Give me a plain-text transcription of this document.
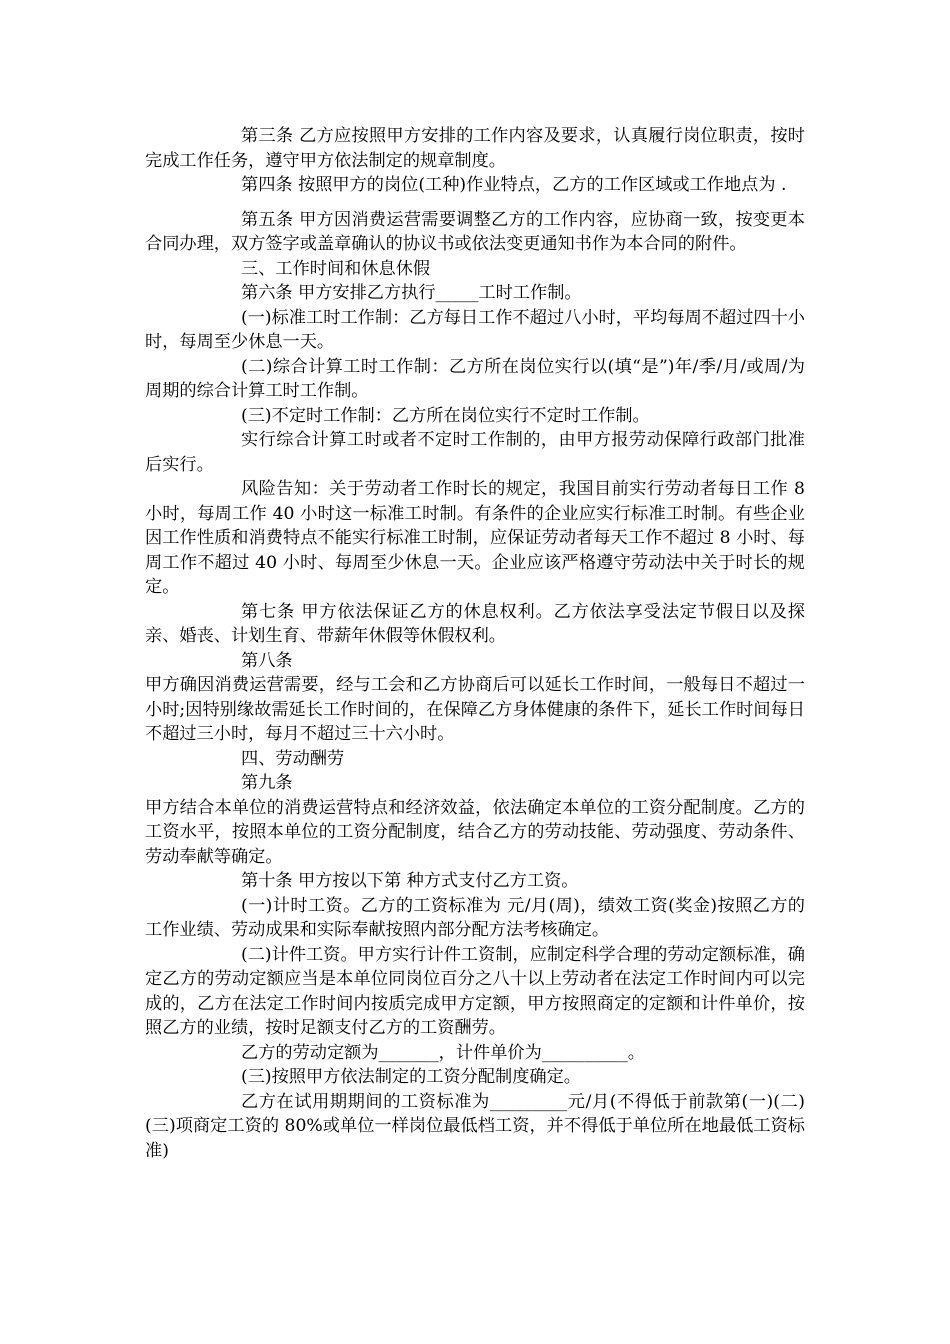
第三条 乙方应按照甲方安排的工作内容及要求，认真履行岗位职责，按时完成工作任务，遵守甲方依法制定的规章制度。

第四条 按照甲方的岗位(工种)作业特点，乙方的工作区域或工作地点为 .

第五条 甲方因消费运营需要调整乙方的工作内容，应协商一致，按变更本合同办理，双方签字或盖章确认的协议书或依法变更通知书作为本合同的附件。

三、工作时间和休息休假

第六条 甲方安排乙方执行_____工时工作制。

(一)标准工时工作制：乙方每日工作不超过八小时，平均每周不超过四十小时，每周至少休息一天。

(二)综合计算工时工作制：乙方所在岗位实行以(填“是”)年/季/月/或周/为周期的综合计算工时工作制。

(三)不定时工作制：乙方所在岗位实行不定时工作制。

实行综合计算工时或者不定时工作制的，由甲方报劳动保障行政部门批准后实行。

风险告知：关于劳动者工作时长的规定，我国目前实行劳动者每日工作 8 小时，每周工作 40 小时这一标准工时制。有条件的企业应实行标准工时制。有些企业因工作性质和消费特点不能实行标准工时制，应保证劳动者每天工作不超过 8 小时、每周工作不超过 40 小时、每周至少休息一天。企业应该严格遵守劳动法中关于时长的规定。

第七条 甲方依法保证乙方的休息权利。乙方依法享受法定节假日以及探亲、婚丧、计划生育、带薪年休假等休假权利。

第八条

甲方确因消费运营需要，经与工会和乙方协商后可以延长工作时间，一般每日不超过一小时;因特别缘故需延长工作时间的，在保障乙方身体健康的条件下，延长工作时间每日不超过三小时，每月不超过三十六小时。

四、劳动酬劳

第九条

甲方结合本单位的消费运营特点和经济效益，依法确定本单位的工资分配制度。乙方的工资水平，按照本单位的工资分配制度，结合乙方的劳动技能、劳动强度、劳动条件、劳动奉献等确定。

第十条 甲方按以下第 种方式支付乙方工资。

(一)计时工资。乙方的工资标准为 元/月(周)，绩效工资(奖金)按照乙方的工作业绩、劳动成果和实际奉献按照内部分配方法考核确定。

(二)计件工资。甲方实行计件工资制，应制定科学合理的劳动定额标准，确定乙方的劳动定额应当是本单位同岗位百分之八十以上劳动者在法定工作时间内可以完成的，乙方在法定工作时间内按质完成甲方定额，甲方按照商定的定额和计件单价，按照乙方的业绩，按时足额支付乙方的工资酬劳。

乙方的劳动定额为_______，计件单价为__________。

(三)按照甲方依法制定的工资分配制度确定。

乙方在试用期期间的工资标准为_________元/月(不得低于前款第(一)(二)(三)项商定工资的 80%或单位一样岗位最低档工资，并不得低于单位所在地最低工资标准)
